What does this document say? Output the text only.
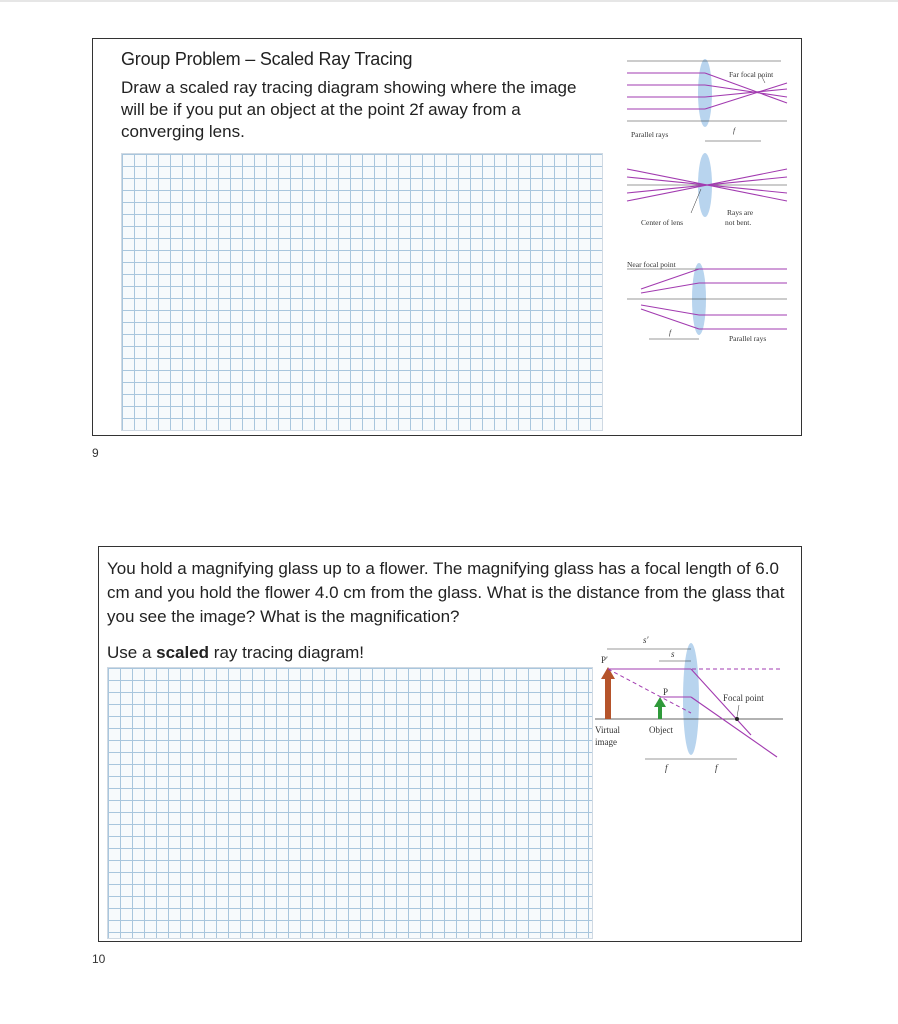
Group Problem – Scaled Ray Tracing
Draw a scaled ray tracing diagram showing where the image will be if you put an object at the point 2f away from a converging lens.
Far focal point
Parallel rays	f
Center of lens
Rays are
not bent.
Near focal point
Parallel rays
f
9
You hold a magnifying glass up to a flower. The magnifying glass has a focal length of 6.0 cm and you hold the flower 4.0 cm from the glass. What is the distance from the glass that you see the image? What is the magnification?
Use a scaled ray tracing diagram!
s′
s
P′
P
Focal point
Virtual
image
Object
f	f
10
